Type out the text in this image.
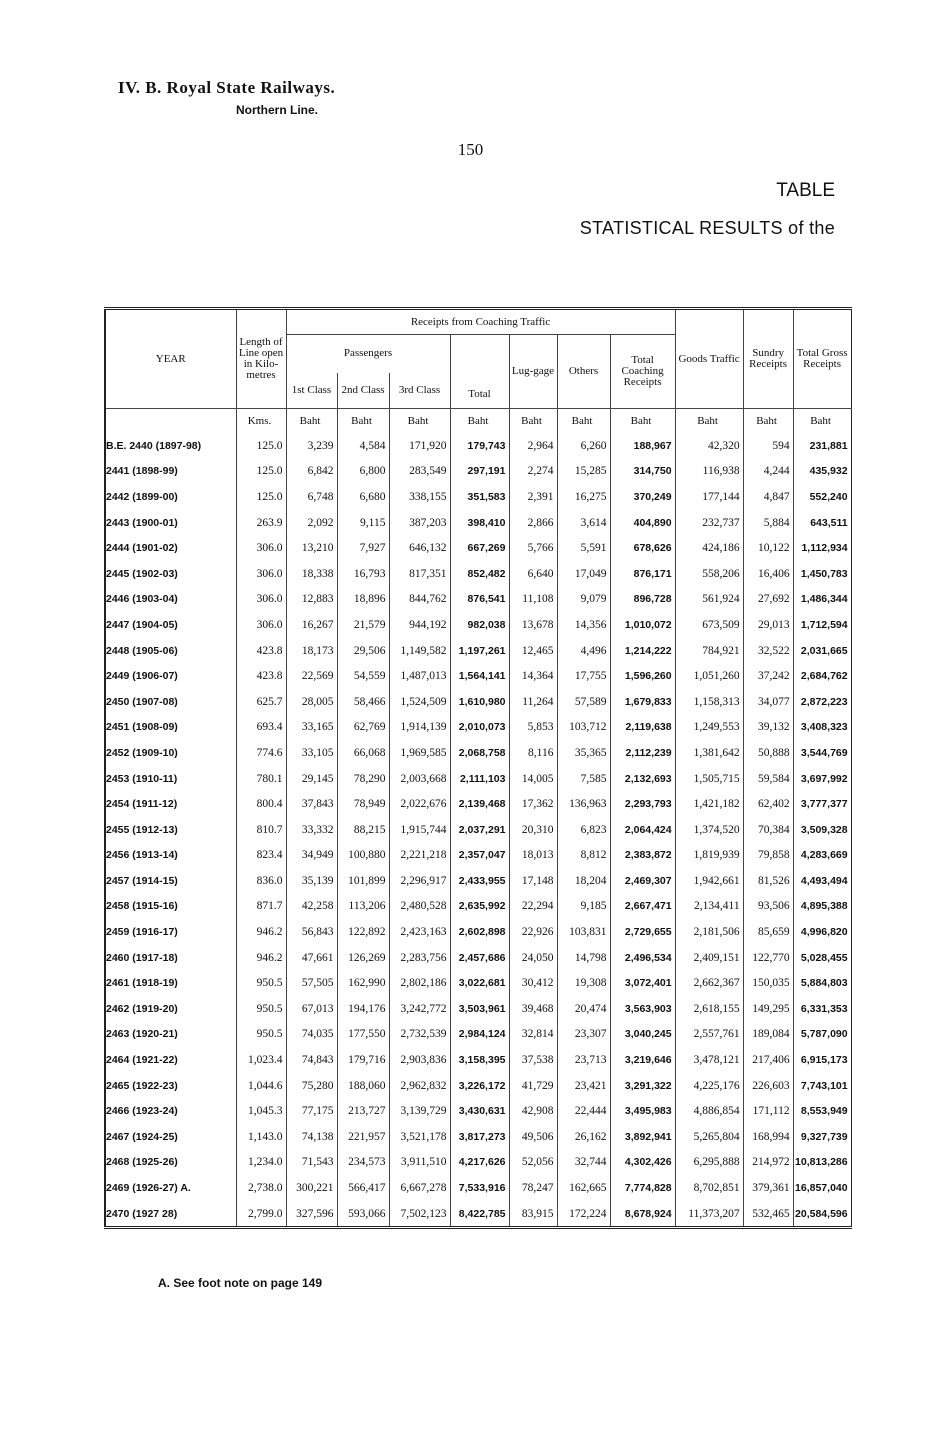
IV. B. Royal State Railways.
Northern Line.
150
TABLE
STATISTICAL RESULTS of the
YEAR	Length of Line open in Kilo-metres	Receipts from Coaching Traffic							Goods Traffic	Sundry Receipts	Total Gross Receipts
		Passengers			Total	Lug-gage	Others	Total Coaching Receipts			
		1st Class	2nd Class	3rd Class							
	Kms.	Baht	Baht	Baht	Baht	Baht	Baht	Baht	Baht	Baht	Baht
B.E. 2440 (1897-98)	125.0	3,239	4,584	171,920	179,743	2,964	6,260	188,967	42,320	594	231,881
2441 (1898-99)	125.0	6,842	6,800	283,549	297,191	2,274	15,285	314,750	116,938	4,244	435,932
2442 (1899-00)	125.0	6,748	6,680	338,155	351,583	2,391	16,275	370,249	177,144	4,847	552,240
2443 (1900-01)	263.9	2,092	9,115	387,203	398,410	2,866	3,614	404,890	232,737	5,884	643,511
2444 (1901-02)	306.0	13,210	7,927	646,132	667,269	5,766	5,591	678,626	424,186	10,122	1,112,934
2445 (1902-03)	306.0	18,338	16,793	817,351	852,482	6,640	17,049	876,171	558,206	16,406	1,450,783
2446 (1903-04)	306.0	12,883	18,896	844,762	876,541	11,108	9,079	896,728	561,924	27,692	1,486,344
2447 (1904-05)	306.0	16,267	21,579	944,192	982,038	13,678	14,356	1,010,072	673,509	29,013	1,712,594
2448 (1905-06)	423.8	18,173	29,506	1,149,582	1,197,261	12,465	4,496	1,214,222	784,921	32,522	2,031,665
2449 (1906-07)	423.8	22,569	54,559	1,487,013	1,564,141	14,364	17,755	1,596,260	1,051,260	37,242	2,684,762
2450 (1907-08)	625.7	28,005	58,466	1,524,509	1,610,980	11,264	57,589	1,679,833	1,158,313	34,077	2,872,223
2451 (1908-09)	693.4	33,165	62,769	1,914,139	2,010,073	5,853	103,712	2,119,638	1,249,553	39,132	3,408,323
2452 (1909-10)	774.6	33,105	66,068	1,969,585	2,068,758	8,116	35,365	2,112,239	1,381,642	50,888	3,544,769
2453 (1910-11)	780.1	29,145	78,290	2,003,668	2,111,103	14,005	7,585	2,132,693	1,505,715	59,584	3,697,992
2454 (1911-12)	800.4	37,843	78,949	2,022,676	2,139,468	17,362	136,963	2,293,793	1,421,182	62,402	3,777,377
2455 (1912-13)	810.7	33,332	88,215	1,915,744	2,037,291	20,310	6,823	2,064,424	1,374,520	70,384	3,509,328
2456 (1913-14)	823.4	34,949	100,880	2,221,218	2,357,047	18,013	8,812	2,383,872	1,819,939	79,858	4,283,669
2457 (1914-15)	836.0	35,139	101,899	2,296,917	2,433,955	17,148	18,204	2,469,307	1,942,661	81,526	4,493,494
2458 (1915-16)	871.7	42,258	113,206	2,480,528	2,635,992	22,294	9,185	2,667,471	2,134,411	93,506	4,895,388
2459 (1916-17)	946.2	56,843	122,892	2,423,163	2,602,898	22,926	103,831	2,729,655	2,181,506	85,659	4,996,820
2460 (1917-18)	946.2	47,661	126,269	2,283,756	2,457,686	24,050	14,798	2,496,534	2,409,151	122,770	5,028,455
2461 (1918-19)	950.5	57,505	162,990	2,802,186	3,022,681	30,412	19,308	3,072,401	2,662,367	150,035	5,884,803
2462 (1919-20)	950.5	67,013	194,176	3,242,772	3,503,961	39,468	20,474	3,563,903	2,618,155	149,295	6,331,353
2463 (1920-21)	950.5	74,035	177,550	2,732,539	2,984,124	32,814	23,307	3,040,245	2,557,761	189,084	5,787,090
2464 (1921-22)	1,023.4	74,843	179,716	2,903,836	3,158,395	37,538	23,713	3,219,646	3,478,121	217,406	6,915,173
2465 (1922-23)	1,044.6	75,280	188,060	2,962,832	3,226,172	41,729	23,421	3,291,322	4,225,176	226,603	7,743,101
2466 (1923-24)	1,045.3	77,175	213,727	3,139,729	3,430,631	42,908	22,444	3,495,983	4,886,854	171,112	8,553,949
2467 (1924-25)	1,143.0	74,138	221,957	3,521,178	3,817,273	49,506	26,162	3,892,941	5,265,804	168,994	9,327,739
2468 (1925-26)	1,234.0	71,543	234,573	3,911,510	4,217,626	52,056	32,744	4,302,426	6,295,888	214,972	10,813,286
2469 (1926-27) A.	2,738.0	300,221	566,417	6,667,278	7,533,916	78,247	162,665	7,774,828	8,702,851	379,361	16,857,040
2470 (1927 28)	2,799.0	327,596	593,066	7,502,123	8,422,785	83,915	172,224	8,678,924	11,373,207	532,465	20,584,596
A. See foot note on page 149
